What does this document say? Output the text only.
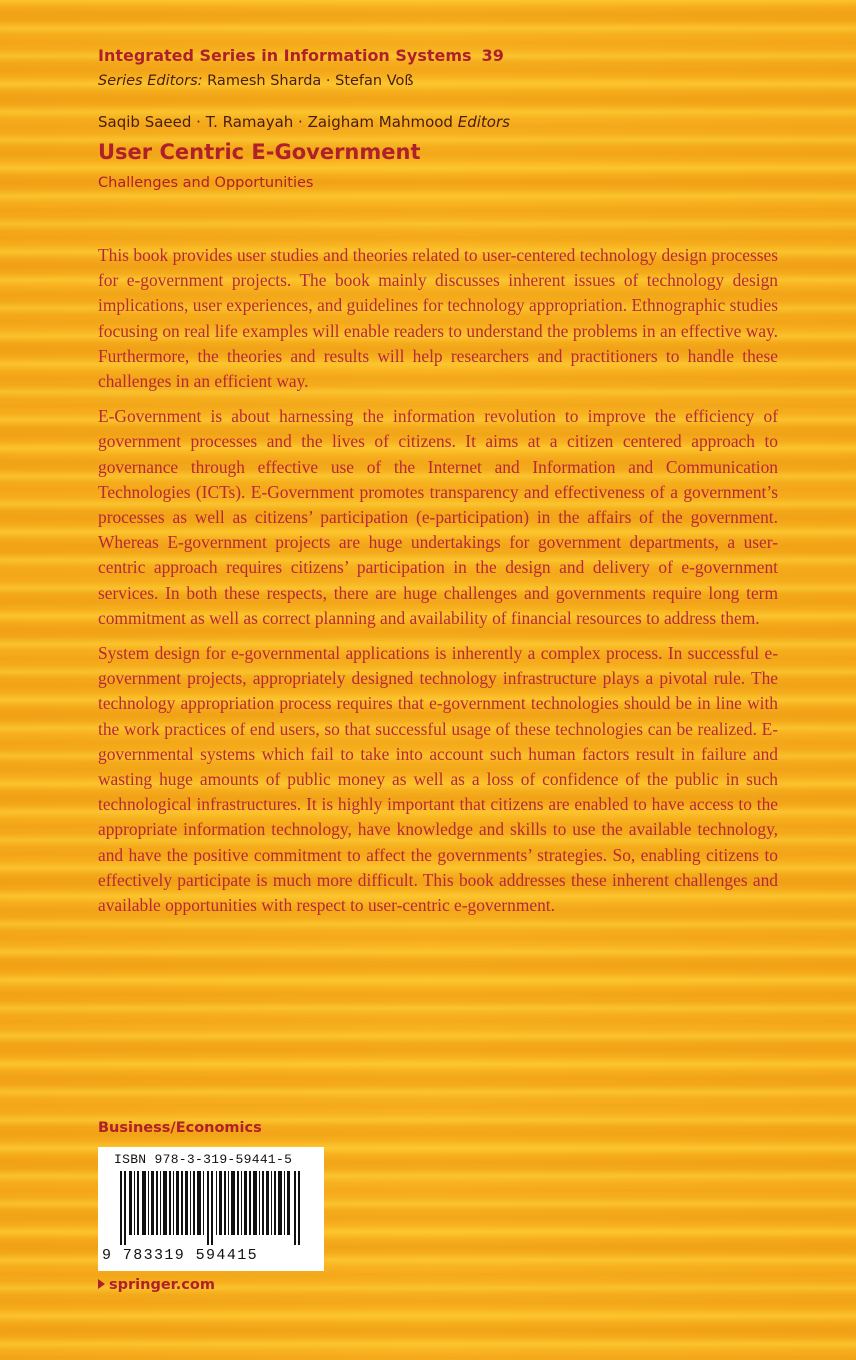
Integrated Series in Information Systems 39
Series Editors: Ramesh Sharda · Stefan Voß
Saqib Saeed · T. Ramayah · Zaigham Mahmood Editors
User Centric E-Government
Challenges and Opportunities

This book provides user studies and theories related to user-centered technology design processes for e-government projects. The book mainly discusses inherent issues of technology design implications, user experiences, and guidelines for technology appropriation. Ethnographic studies focusing on real life examples will enable readers to understand the problems in an effective way. Furthermore, the theories and results will help researchers and practitioners to handle these challenges in an efficient way.

E-Government is about harnessing the information revolution to improve the efficiency of government processes and the lives of citizens. It aims at a citizen centered approach to governance through effective use of the Internet and Information and Communication Technologies (ICTs). E-Government promotes transparency and effectiveness of a government’s processes as well as citizens’ participation (e-participation) in the affairs of the government. Whereas E-government projects are huge undertakings for government departments, a user-centric approach requires citizens’ participation in the design and delivery of e-government services. In both these respects, there are huge challenges and governments require long term commitment as well as correct planning and availability of financial resources to address them.

System design for e-governmental applications is inherently a complex process. In successful e-government projects, appropriately designed technology infrastructure plays a pivotal rule. The technology appropriation process requires that e-government technologies should be in line with the work practices of end users, so that successful usage of these technologies can be realized. E-governmental systems which fail to take into account such human factors result in failure and wasting huge amounts of public money as well as a loss of confidence of the public in such technological infrastructures. It is highly important that citizens are enabled to have access to the appropriate information technology, have knowledge and skills to use the available technology, and have the positive commitment to affect the governments’ strategies. So, enabling citizens to effectively participate is much more difficult. This book addresses these inherent challenges and available opportunities with respect to user-centric e-government.

Business/Economics
ISBN 978-3-319-59441-5
9 783319 594415
springer.com
